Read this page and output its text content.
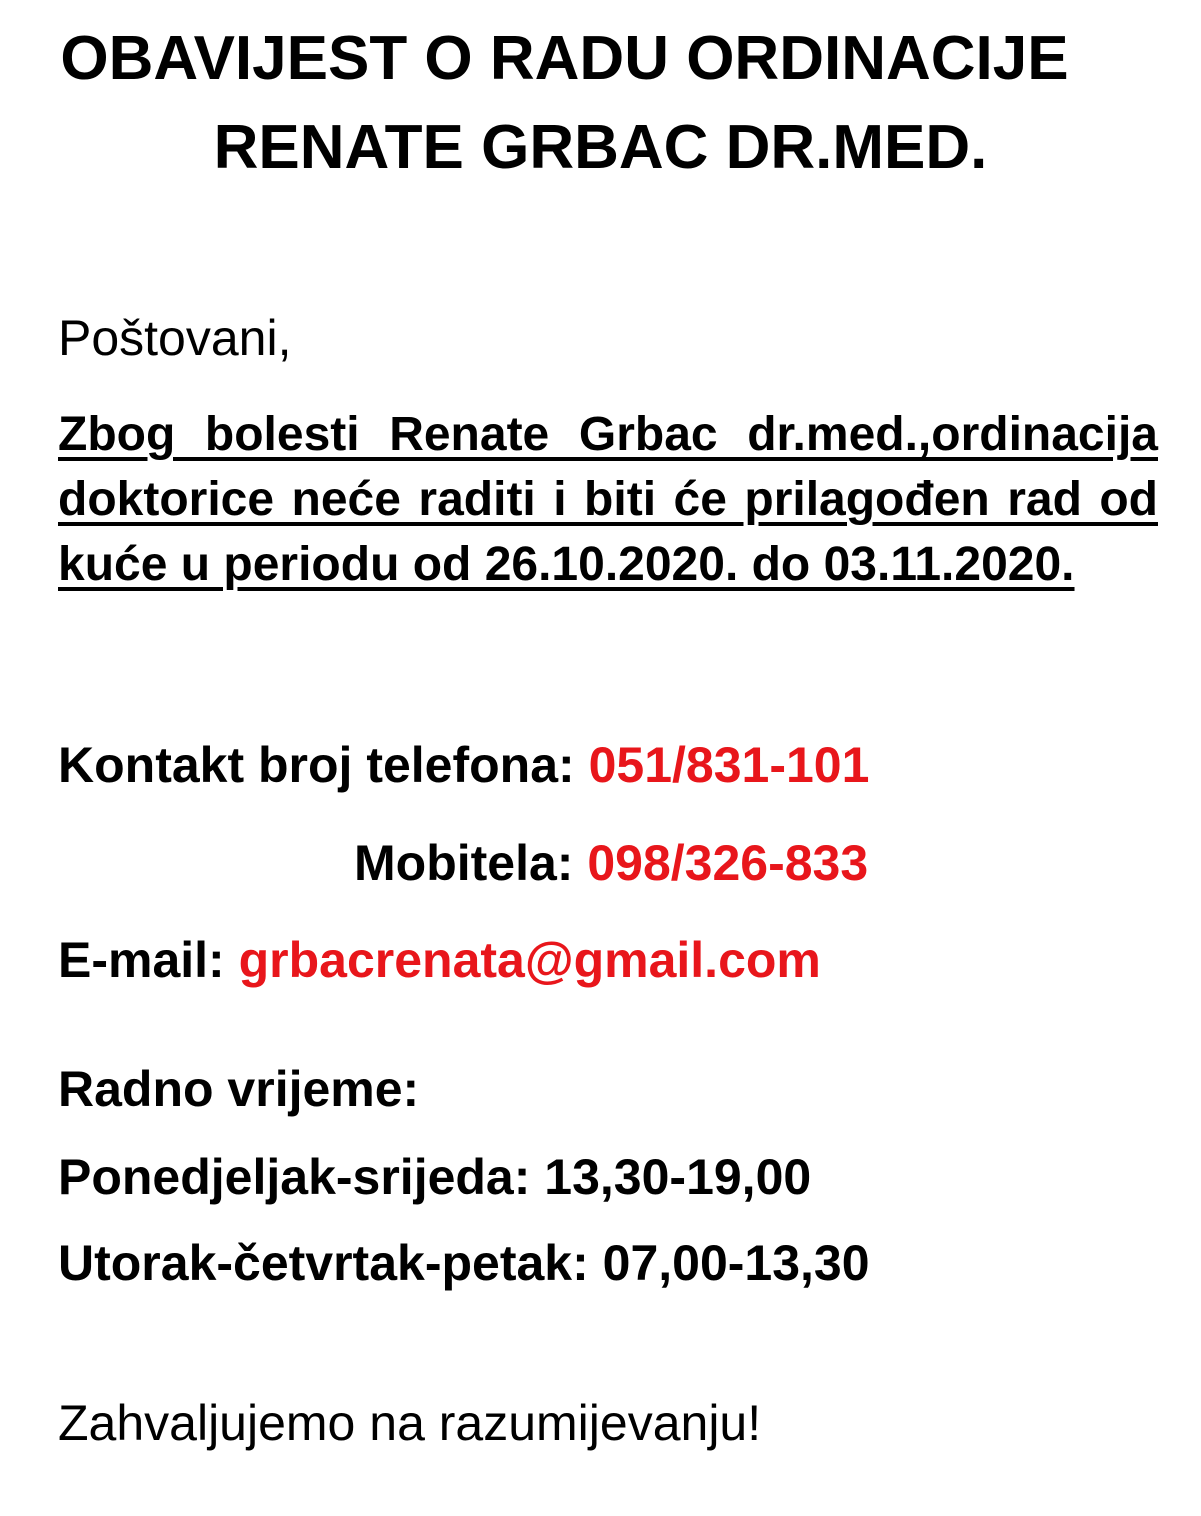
OBAVIJEST O RADU ORDINACIJE
RENATE GRBAC DR.MED.

Poštovani,

Zbog bolesti Renate Grbac dr.med.,ordinacija doktorice neće raditi i biti će prilagođen rad od kuće u periodu od 26.10.2020. do 03.11.2020.

Kontakt broj telefona: 051/831-101

Mobitela: 098/326-833

E-mail: grbacrenata@gmail.com

Radno vrijeme:

Ponedjeljak-srijeda: 13,30-19,00

Utorak-četvrtak-petak: 07,00-13,30

Zahvaljujemo na razumijevanju!
